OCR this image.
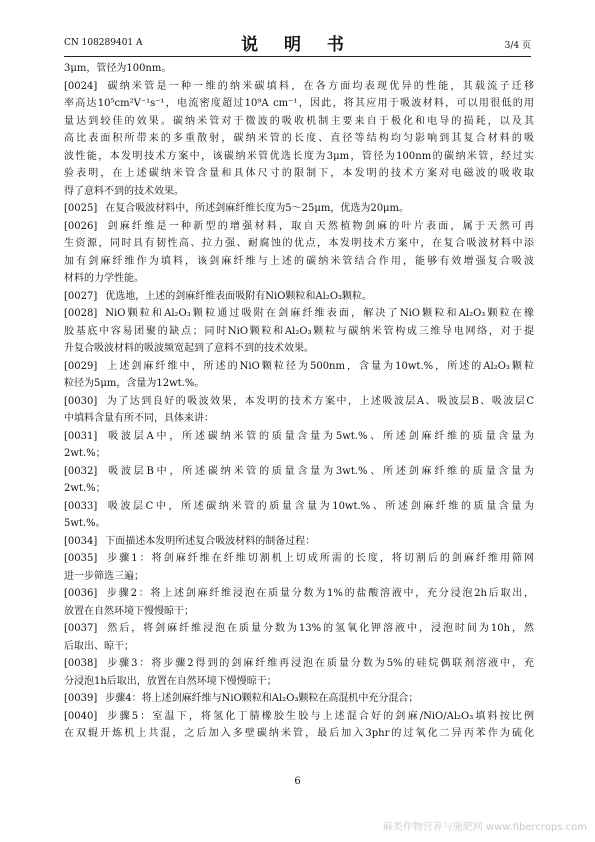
CN 108289401 A	说 明 书	3/4 页
3μm，管径为100nm。
[0024] 碳纳米管是一种一维的纳米碳填料，在各方面均表现优异的性能，其载流子迁移
率高达10⁵cm²V⁻¹s⁻¹，电流密度超过10⁹A cm⁻¹，因此，将其应用于吸波材料，可以用很低的用
量达到较佳的效果。碳纳米管对于微波的吸收机制主要来自于极化和电导的损耗，以及其
高比表面积所带来的多重散射，碳纳米管的长度、直径等结构均匀影响到其复合材料的吸
波性能，本发明技术方案中，该碳纳米管优选长度为3μm，管径为100nm的碳纳米管，经过实
验表明，在上述碳纳米管含量和具体尺寸的限制下，本发明的技术方案对电磁波的吸收取
得了意料不到的技术效果。
[0025] 在复合吸波材料中，所述剑麻纤维长度为5～25μm，优选为20μm。
[0026] 剑麻纤维是一种新型的增强材料，取自天然植物剑麻的叶片表面，属于天然可再
生资源，同时具有韧性高、拉力强、耐腐蚀的优点，本发明技术方案中，在复合吸波材料中添
加有剑麻纤维作为填料，该剑麻纤维与上述的碳纳米管结合作用，能够有效增强复合吸波
材料的力学性能。
[0027] 优选地，上述的剑麻纤维表面吸附有NiO颗粒和Al₂O₃颗粒。
[0028] NiO颗粒和Al₂O₃颗粒通过吸附在剑麻纤维表面，解决了NiO颗粒和Al₂O₃颗粒在橡
胶基底中容易团聚的缺点；同时NiO颗粒和Al₂O₃颗粒与碳纳米管构成三维导电网络，对于提
升复合吸波材料的吸波频宽起到了意料不到的技术效果。
[0029] 上述剑麻纤维中，所述的NiO颗粒径为500nm，含量为10wt.%，所述的Al₂O₃颗粒
粒径为5μm，含量为12wt.%。
[0030] 为了达到良好的吸波效果，本发明的技术方案中，上述吸波层A、吸波层B、吸波层C
中填料含量有所不同，具体来讲：
[0031] 吸波层A中，所述碳纳米管的质量含量为5wt.%、所述剑麻纤维的质量含量为
2wt.%；
[0032] 吸波层B中，所述碳纳米管的质量含量为3wt.%、所述剑麻纤维的质量含量为
2wt.%；
[0033] 吸波层C中，所述碳纳米管的质量含量为10wt.%、所述剑麻纤维的质量含量为
5wt.%。
[0034] 下面描述本发明所述复合吸波材料的制备过程：
[0035] 步骤1：将剑麻纤维在纤维切割机上切成所需的长度，将切割后的剑麻纤维用筛网
进一步筛选三遍；
[0036] 步骤2：将上述剑麻纤维浸泡在质量分数为1%的盐酸溶液中，充分浸泡2h后取出，
放置在自然环境下慢慢晾干；
[0037] 然后，将剑麻纤维浸泡在质量分数为13%的氢氧化钾溶液中，浸泡时间为10h，然
后取出、晾干；
[0038] 步骤3：将步骤2得到的剑麻纤维再浸泡在质量分数为5%的硅烷偶联剂溶液中，充
分浸泡1h后取出，放置在自然环境下慢慢晾干；
[0039] 步骤4：将上述剑麻纤维与NiO颗粒和Al₂O₃颗粒在高混机中充分混合；
[0040] 步骤5：室温下，将氢化丁腈橡胶生胶与上述混合好的剑麻/NiO/Al₂O₃填料按比例
在双辊开炼机上共混，之后加入多壁碳纳米管，最后加入3phr的过氧化二异丙苯作为硫化
6
麻类作物营养与施肥网 www.fibercrops.com
